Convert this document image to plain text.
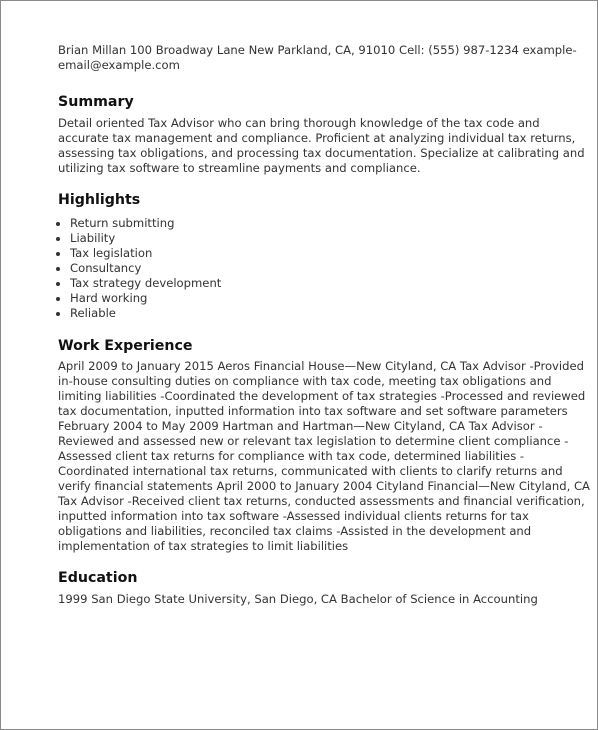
Brian Millan 100 Broadway Lane New Parkland, CA, 91010 Cell: (555) 987-1234 example-email@example.com

Summary

Detail oriented Tax Advisor who can bring thorough knowledge of the tax code and accurate tax management and compliance. Proficient at analyzing individual tax returns, assessing tax obligations, and processing tax documentation. Specialize at calibrating and utilizing tax software to streamline payments and compliance.

Highlights
• Return submitting
• Liability
• Tax legislation
• Consultancy
• Tax strategy development
• Hard working
• Reliable
Work Experience

April 2009 to January 2015 Aeros Financial House—New Cityland, CA Tax Advisor -Provided in-house consulting duties on compliance with tax code, meeting tax obligations and limiting liabilities -Coordinated the development of tax strategies -Processed and reviewed tax documentation, inputted information into tax software and set software parameters February 2004 to May 2009 Hartman and Hartman—New Cityland, CA Tax Advisor -Reviewed and assessed new or relevant tax legislation to determine client compliance -Assessed client tax returns for compliance with tax code, determined liabilities -Coordinated international tax returns, communicated with clients to clarify returns and verify financial statements April 2000 to January 2004 Cityland Financial—New Cityland, CA Tax Advisor -Received client tax returns, conducted assessments and financial verification, inputted information into tax software -Assessed individual clients returns for tax obligations and liabilities, reconciled tax claims -Assisted in the development and implementation of tax strategies to limit liabilities

Education

1999 San Diego State University, San Diego, CA Bachelor of Science in Accounting
